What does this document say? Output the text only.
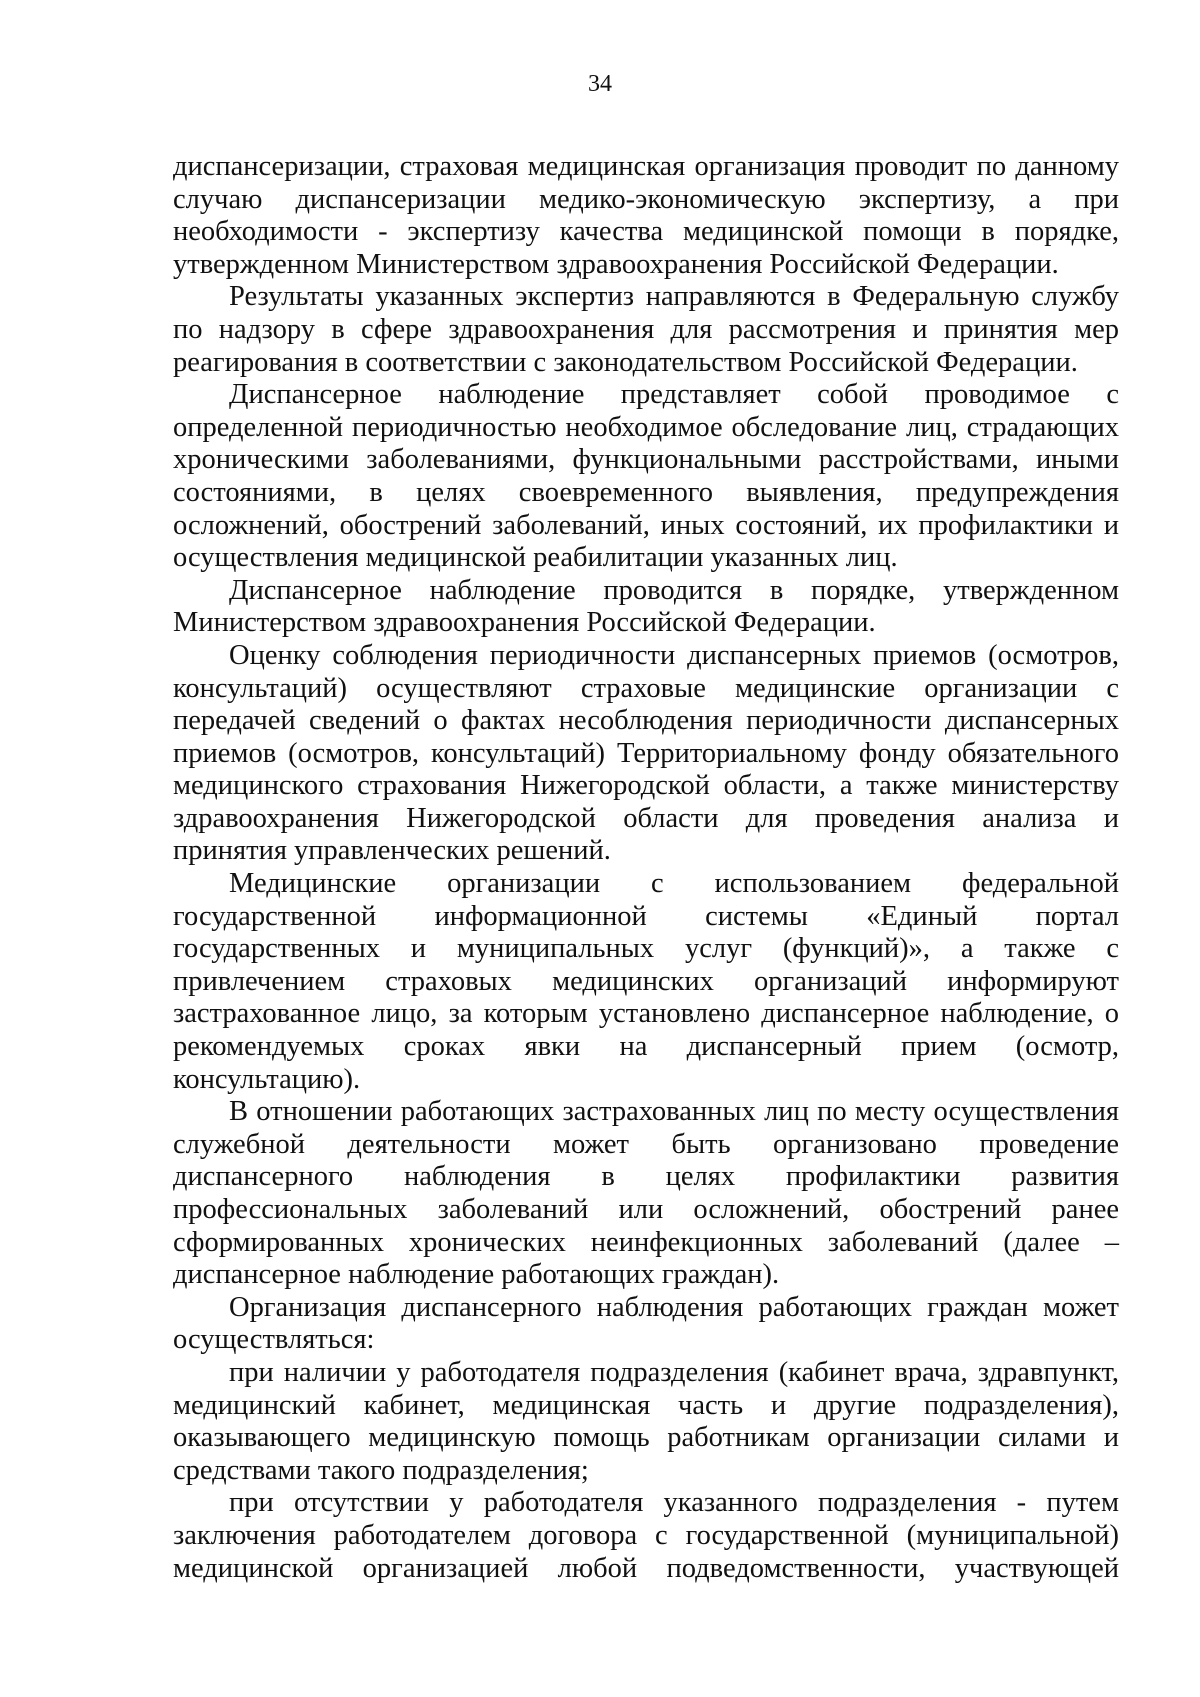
34

диспансеризации, страховая медицинская организация проводит по данному случаю диспансеризации медико-экономическую экспертизу, а при необходимости - экспертизу качества медицинской помощи в порядке, утвержденном Министерством здравоохранения Российской Федерации.

Результаты указанных экспертиз направляются в Федеральную службу по надзору в сфере здравоохранения для рассмотрения и принятия мер реагирования в соответствии с законодательством Российской Федерации.

Диспансерное наблюдение представляет собой проводимое с определенной периодичностью необходимое обследование лиц, страдающих хроническими заболеваниями, функциональными расстройствами, иными состояниями, в целях своевременного выявления, предупреждения осложнений, обострений заболеваний, иных состояний, их профилактики и осуществления медицинской реабилитации указанных лиц.

Диспансерное наблюдение проводится в порядке, утвержденном Министерством здравоохранения Российской Федерации.

Оценку соблюдения периодичности диспансерных приемов (осмотров, консультаций) осуществляют страховые медицинские организации с передачей сведений о фактах несоблюдения периодичности диспансерных приемов (осмотров, консультаций) Территориальному фонду обязательного медицинского страхования Нижегородской области, а также министерству здравоохранения Нижегородской области для проведения анализа и принятия управленческих решений.

Медицинские организации с использованием федеральной государственной информационной системы «Единый портал государственных и муниципальных услуг (функций)», а также с привлечением страховых медицинских организаций информируют застрахованное лицо, за которым установлено диспансерное наблюдение, о рекомендуемых сроках явки на диспансерный прием (осмотр, консультацию).

В отношении работающих застрахованных лиц по месту осуществления служебной деятельности может быть организовано проведение диспансерного наблюдения в целях профилактики развития профессиональных заболеваний или осложнений, обострений ранее сформированных хронических неинфекционных заболеваний (далее – диспансерное наблюдение работающих граждан).

Организация диспансерного наблюдения работающих граждан может осуществляться:

при наличии у работодателя подразделения (кабинет врача, здравпункт, медицинский кабинет, медицинская часть и другие подразделения), оказывающего медицинскую помощь работникам организации силами и средствами такого подразделения;

при отсутствии у работодателя указанного подразделения - путем заключения работодателем договора с государственной (муниципальной) медицинской организацией любой подведомственности, участвующей
